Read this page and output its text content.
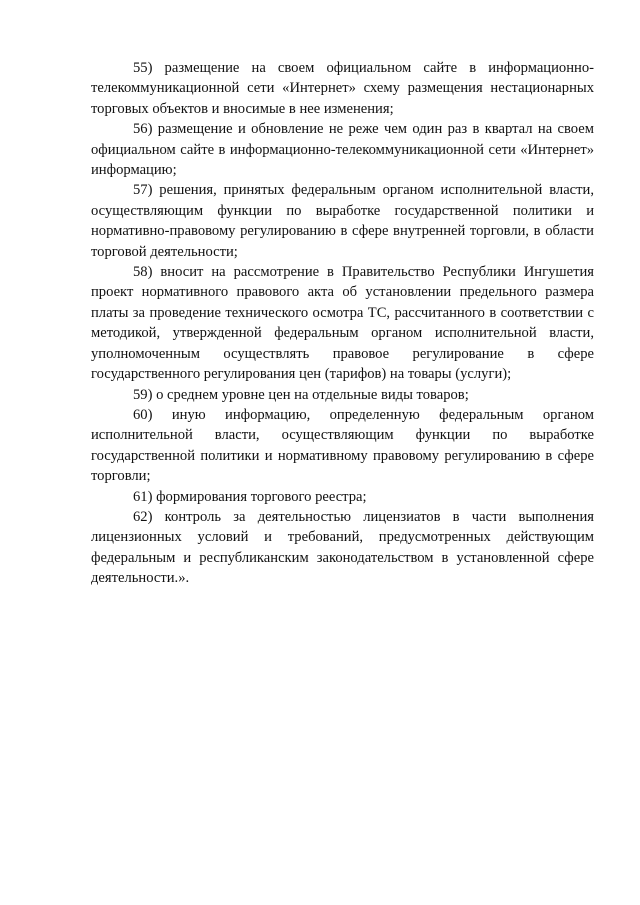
55) размещение на своем официальном сайте в информационно-телекоммуникационной сети «Интернет» схему размещения нестационарных торговых объектов и вносимые в нее изменения;

56) размещение и обновление не реже чем один раз в квартал на своем официальном сайте в информационно-телекоммуникационной сети «Интернет» информацию;

57) решения, принятых федеральным органом исполнительной власти, осуществляющим функции по выработке государственной политики и нормативно-правовому регулированию в сфере внутренней торговли, в области торговой деятельности;

58) вносит на рассмотрение в Правительство Республики Ингушетия проект нормативного правового акта об установлении предельного размера платы за проведение технического осмотра ТС, рассчитанного в соответствии с методикой, утвержденной федеральным органом исполнительной власти, уполномоченным осуществлять правовое регулирование в сфере государственного регулирования цен (тарифов) на товары (услуги);

59) о среднем уровне цен на отдельные виды товаров;

60) иную информацию, определенную федеральным органом исполнительной власти, осуществляющим функции по выработке государственной политики и нормативному правовому регулированию в сфере торговли;

61) формирования торгового реестра;

62) контроль за деятельностью лицензиатов в части выполнения лицензионных условий и требований, предусмотренных действующим федеральным и республиканским законодательством в установленной сфере деятельности.».
